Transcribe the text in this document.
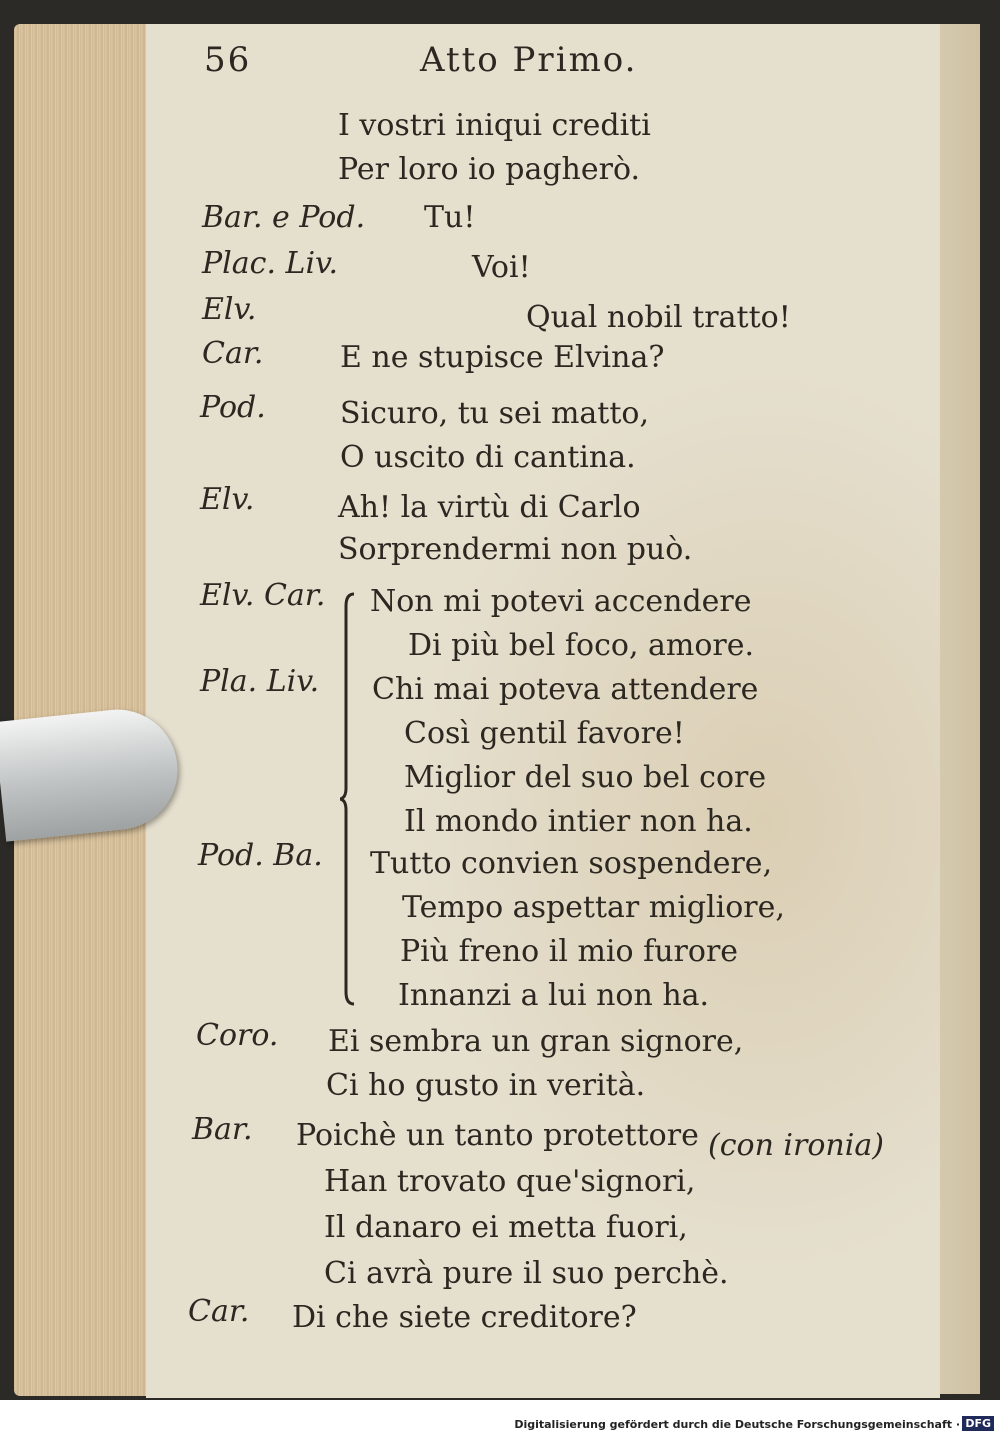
56	Atto Primo.
I vostri iniqui crediti
Per loro io pagherò.
Bar. e Pod. Tu!
Plac. Liv.	Voi!
Elv.	Qual nobil tratto!
Car.	E ne stupisce Elvina?
Pod. Sicuro, tu sei matto,
O uscito di cantina.
Elv.	Ah! la virtù di Carlo
Sorprendermi non può.
Elv. Car. Non mi potevi accendere
Di più bel foco, amore.
Pla. Liv. Chi mai poteva attendere
Così gentil favore!
Miglior del suo bel core
Il mondo intier non ha.
Pod. Ba. Tutto convien sospendere,
Tempo aspettar migliore,
Più freno il mio furore
Innanzi a lui non ha.
Coro. Ei sembra un gran signore,
Ci ho gusto in verità.
Bar. Poichè un tanto protettore (con ironia)
Han trovato que'signori,
Il danaro ei metta fuori,
Ci avrà pure il suo perchè.
Car. Di che siete creditore?
Digitalisierung gefördert durch die Deutsche Forschungsgemeinschaft · DFG
